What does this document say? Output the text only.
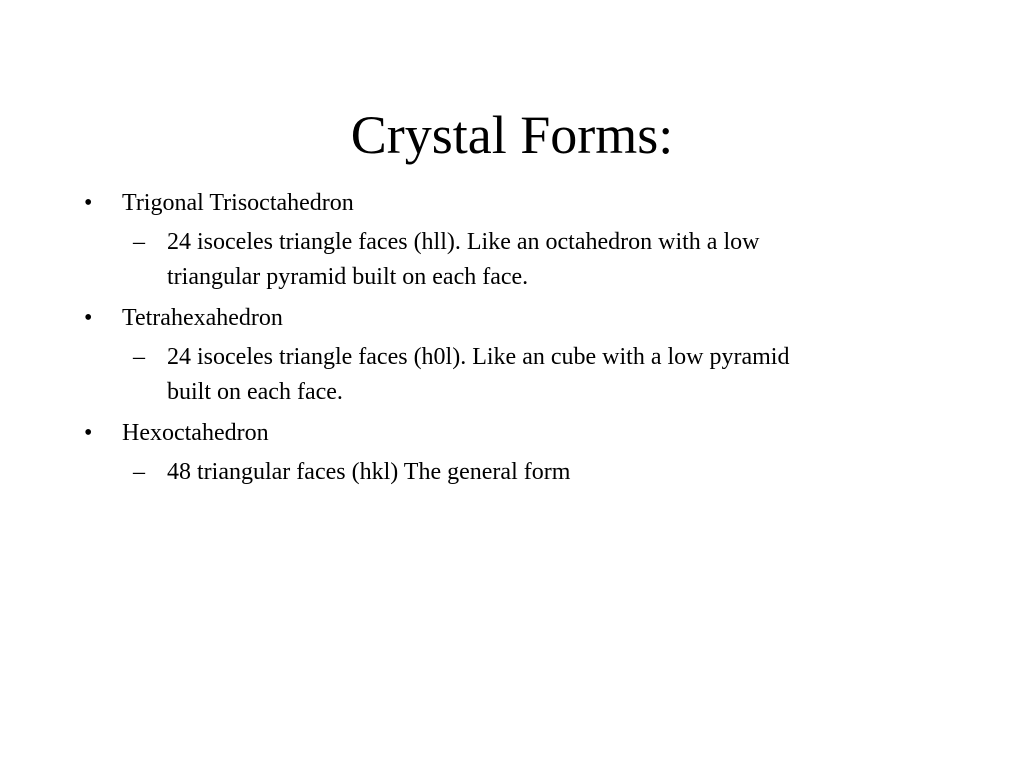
Crystal Forms:
• Trigonal Trisoctahedron
– 24 isoceles triangle faces (hll). Like an octahedron with a low
triangular pyramid built on each face.
• Tetrahexahedron
– 24 isoceles triangle faces (h0l). Like an cube with a low pyramid
built on each face.
• Hexoctahedron
– 48 triangular faces (hkl) The general form
